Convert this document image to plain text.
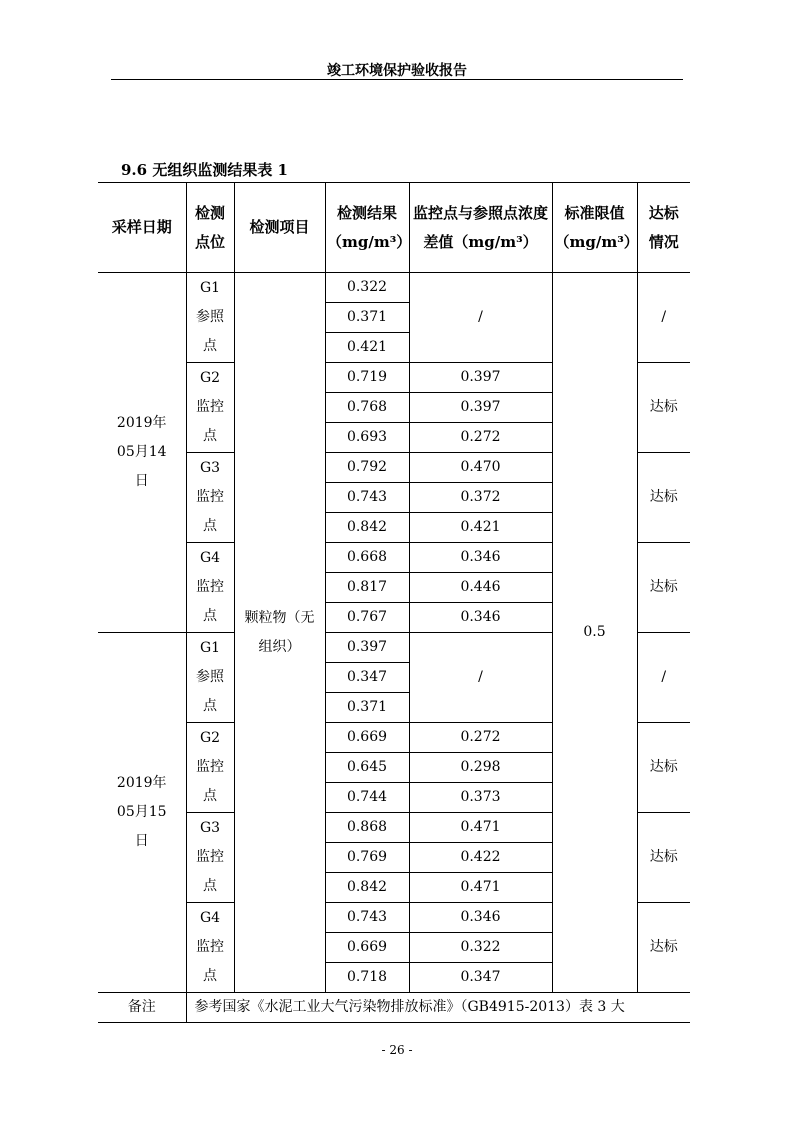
竣工环境保护验收报告
9.6 无组织监测结果表 1
采样日期	检测点位	检测项目	检测结果（mg/m³）	监控点与参照点浓度差值（mg/m³）	标准限值（mg/m³）	达标情况
2019年05月14日	G1参照点	颗粒物（无组织）	0.322	/	0.5	/
			0.371			
			0.421			
	G2监控点		0.719	0.397		达标
			0.768	0.397		
			0.693	0.272		
	G3监控点		0.792	0.470		达标
			0.743	0.372		
			0.842	0.421		
	G4监控点		0.668	0.346		达标
			0.817	0.446		
			0.767	0.346		
2019年05月15日	G1参照点		0.397	/		/
			0.347			
			0.371			
	G2监控点		0.669	0.272		达标
			0.645	0.298		
			0.744	0.373		
	G3监控点		0.868	0.471		达标
			0.769	0.422		
			0.842	0.471		
	G4监控点		0.743	0.346		达标
			0.669	0.322		
			0.718	0.347		
备注	参考国家《水泥工业大气污染物排放标准》（GB4915-2013）表 3 大					
- 26 -
